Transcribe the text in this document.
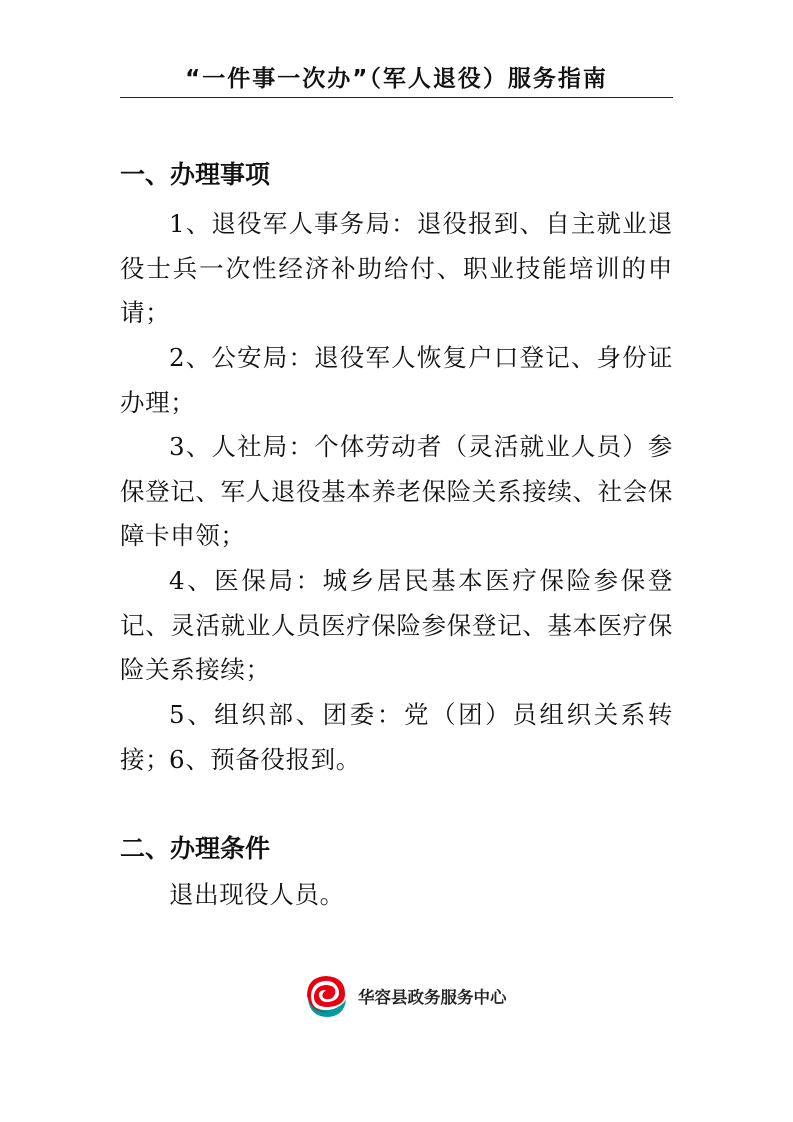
“一件事一次办”（军人退役）服务指南
一、办理事项
1、退役军人事务局：退役报到、自主就业退役士兵一次性经济补助给付、职业技能培训的申请；
2、公安局：退役军人恢复户口登记、身份证办理；
3、人社局：个体劳动者（灵活就业人员）参保登记、军人退役基本养老保险关系接续、社会保障卡申领；
4、医保局：城乡居民基本医疗保险参保登记、灵活就业人员医疗保险参保登记、基本医疗保险关系接续；
5、组织部、团委：党（团）员组织关系转接；
6、预备役报到。
二、办理条件
退出现役人员。
华容县政务服务中心
